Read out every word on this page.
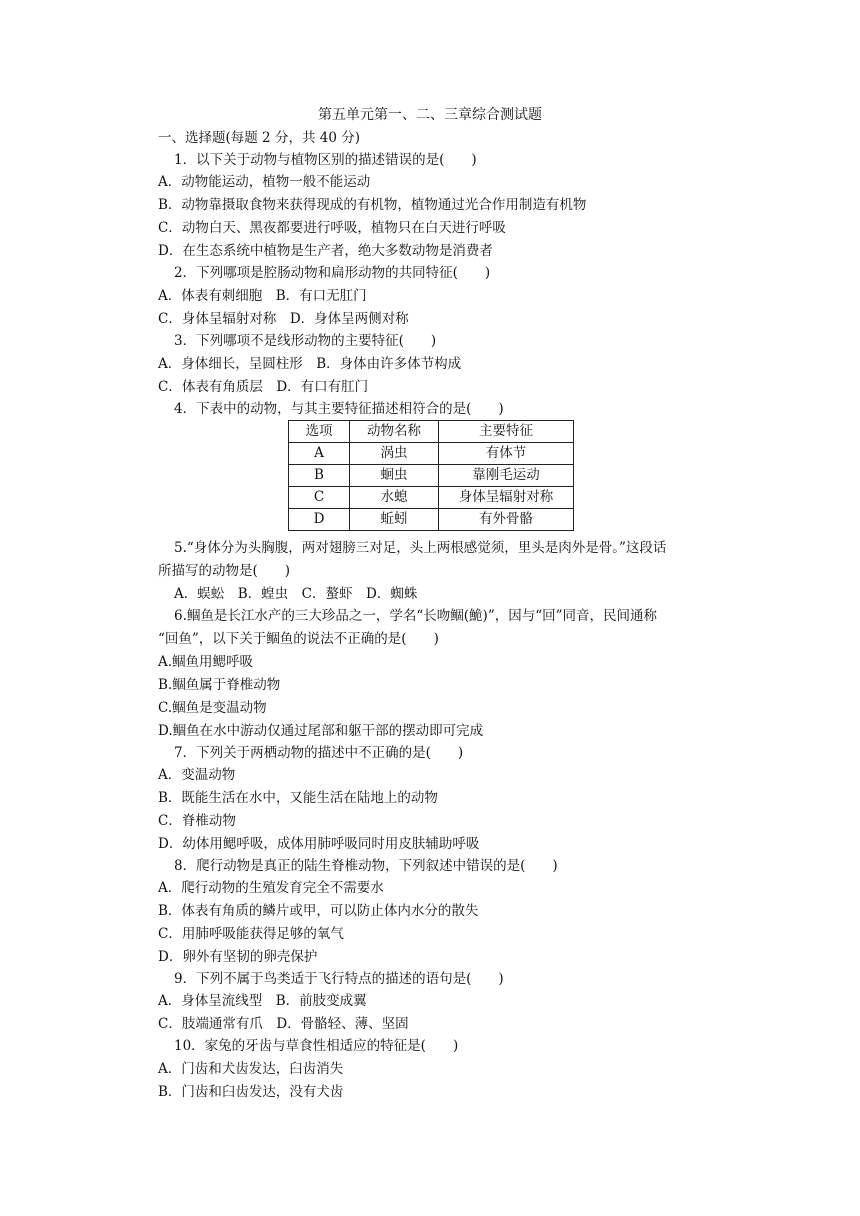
第五单元第一、二、三章综合测试题
一、选择题(每题 2 分，共 40 分)
1．以下关于动物与植物区别的描述错误的是(　　)
A．动物能运动，植物一般不能运动
B．动物靠摄取食物来获得现成的有机物，植物通过光合作用制造有机物
C．动物白天、黑夜都要进行呼吸，植物只在白天进行呼吸
D．在生态系统中植物是生产者，绝大多数动物是消费者
2．下列哪项是腔肠动物和扁形动物的共同特征(　　)
A．体表有刺细胞　B．有口无肛门
C．身体呈辐射对称　D．身体呈两侧对称
3．下列哪项不是线形动物的主要特征(　　)
A．身体细长，呈圆柱形　B．身体由许多体节构成
C．体表有角质层　D．有口有肛门
4．下表中的动物，与其主要特征描述相符合的是(　　)
选项	动物名称	主要特征
A	涡虫	有体节
B	蛔虫	靠刚毛运动
C	水螅	身体呈辐射对称
D	蚯蚓	有外骨骼
5.“身体分为头胸腹，两对翅膀三对足，头上两根感觉须，里头是肉外是骨。”这段话
所描写的动物是(　　)
A．蜈蚣　B．蝗虫　C．螯虾　D．蜘蛛
6.鲴鱼是长江水产的三大珍品之一，学名“长吻鲴(鮠)”，因与“回”同音，民间通称
“回鱼”，以下关于鲴鱼的说法不正确的是(　　)
A.鲴鱼用鳃呼吸
B.鲴鱼属于脊椎动物
C.鲴鱼是变温动物
D.鲴鱼在水中游动仅通过尾部和躯干部的摆动即可完成
7．下列关于两栖动物的描述中不正确的是(　　)
A．变温动物
B．既能生活在水中，又能生活在陆地上的动物
C．脊椎动物
D．幼体用鳃呼吸，成体用肺呼吸同时用皮肤辅助呼吸
8．爬行动物是真正的陆生脊椎动物，下列叙述中错误的是(　　)
A．爬行动物的生殖发育完全不需要水
B．体表有角质的鳞片或甲，可以防止体内水分的散失
C．用肺呼吸能获得足够的氧气
D．卵外有坚韧的卵壳保护
9．下列不属于鸟类适于飞行特点的描述的语句是(　　)
A．身体呈流线型　B．前肢变成翼
C．肢端通常有爪　D．骨骼轻、薄、坚固
10．家兔的牙齿与草食性相适应的特征是(　　)
A．门齿和犬齿发达，臼齿消失
B．门齿和臼齿发达，没有犬齿
